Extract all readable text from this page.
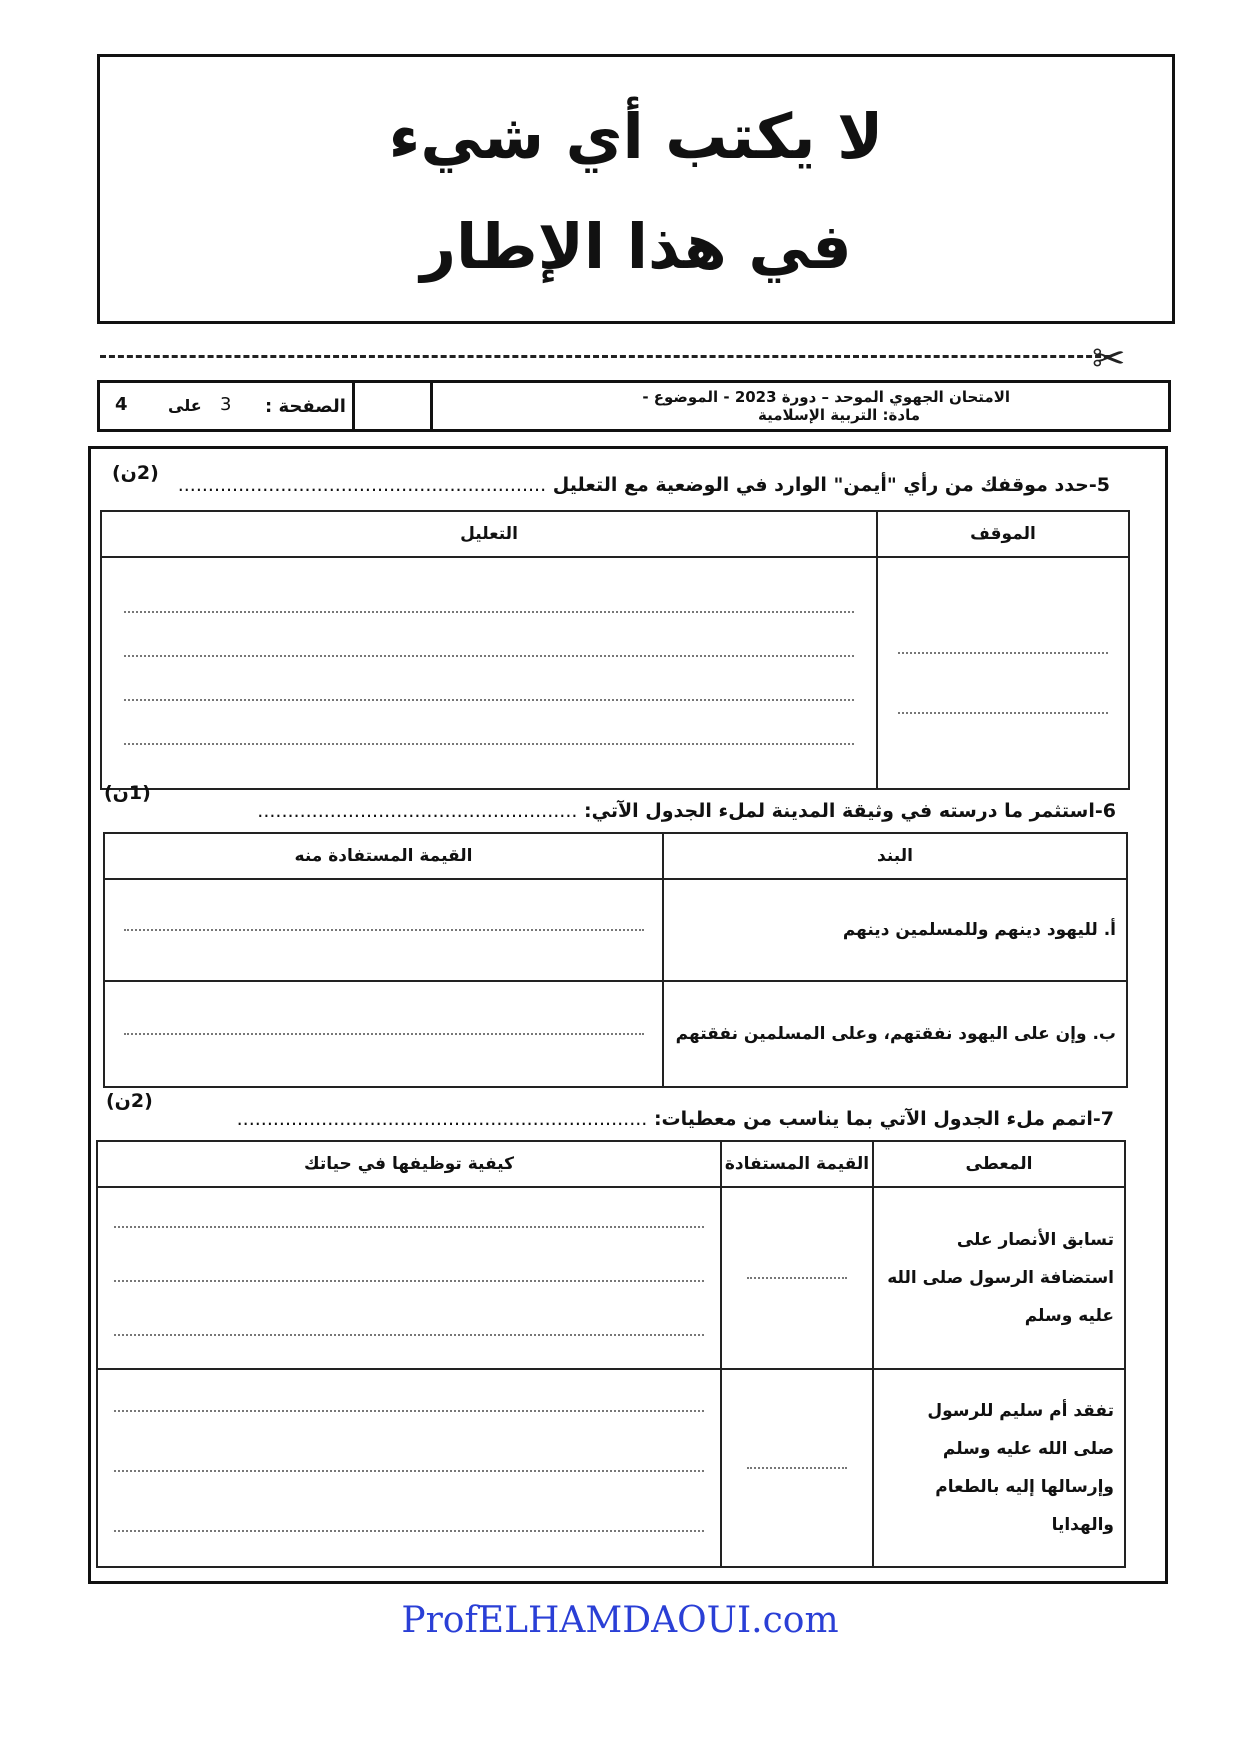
لا يكتب أي شيء
في هذا الإطار
✂
الامتحان الجهوي الموحد – دورة 2023 - الموضوع -
مادة: التربية الإسلامية
الصفحة :
3
على
4
5-حدد موقفك من رأي "أيمن" الوارد في الوضعية مع التعليل .............................................................
(2ن)
الموقف	التعليل

6-استثمر ما درسته في وثيقة المدينة لملء الجدول الآتي: .....................................................
(1ن)
البند	القيمة المستفادة منه

أ. لليهود دينهم وللمسلمين دينهم	

ب. وإن على اليهود نفقتهم، وعلى المسلمين نفقتهم	

7-اتمم ملء الجدول الآتي بما يناسب من معطيات: ....................................................................
(2ن)
المعطى	القيمة المستفادة	كيفية توظيفها في حياتك

تسابق الأنصار على استضافة الرسول صلى الله عليه وسلم		

تفقد أم سليم للرسول صلى الله عليه وسلم وإرسالها إليه بالطعام والهدايا		

ProfELHAMDAOUI.com
